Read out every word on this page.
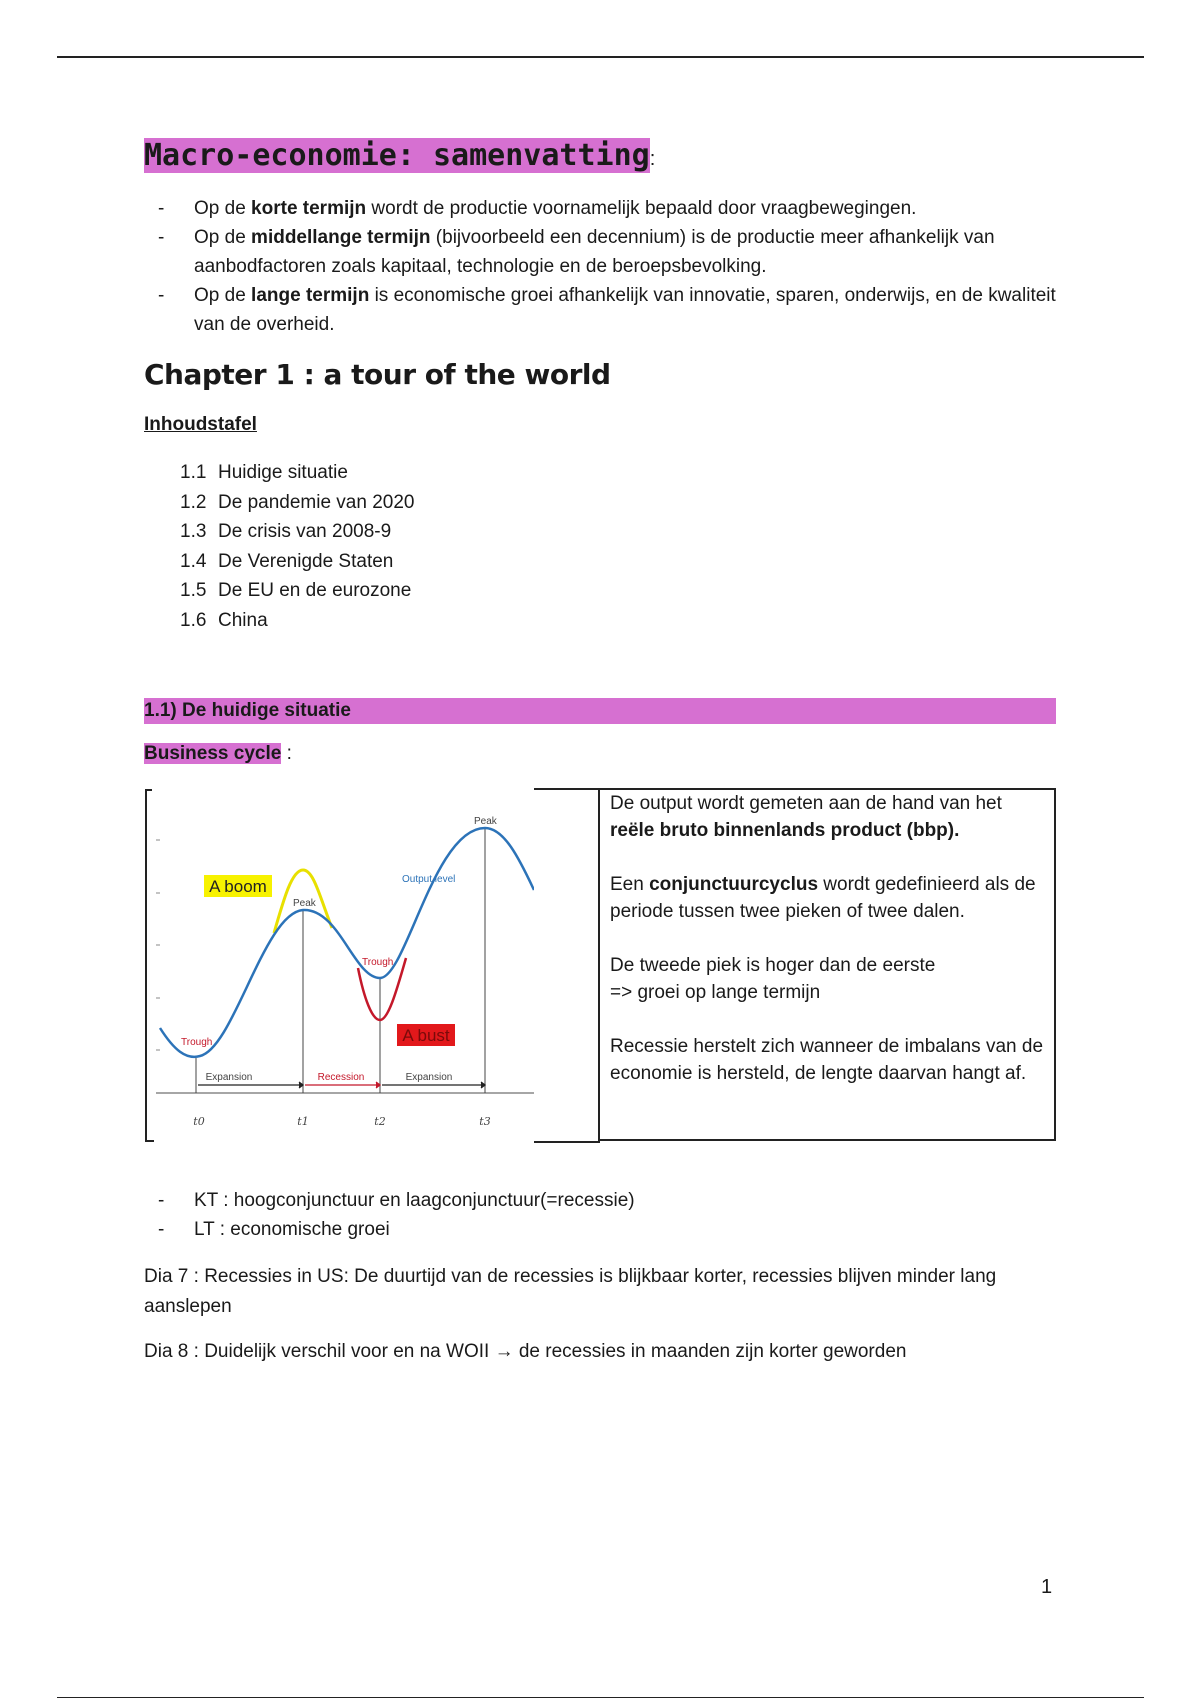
Macro-economie: samenvatting:
- Op de korte termijn wordt de productie voornamelijk bepaald door vraagbewegingen.
- Op de middellange termijn (bijvoorbeeld een decennium) is de productie meer afhankelijk van aanbodfactoren zoals kapitaal, technologie en de beroepsbevolking.
- Op de lange termijn is economische groei afhankelijk van innovatie, sparen, onderwijs, en de kwaliteit van de overheid.
Chapter 1 : a tour of the world
Inhoudstafel
1.1 Huidige situatie
1.2 De pandemie van 2020
1.3 De crisis van 2008-9
1.4 De Verenigde Staten
1.5 De EU en de eurozone
1.6 China
1.1) De huidige situatie
Business cycle :
Expansion	Recession	Expansion
Trough
Trough
Peak
Peak
Output level
A boom
A bust
t0	t1	t2	t3

De output wordt gemeten aan de hand van het reële bruto binnenlands product (bbp).

Een conjunctuurcyclus wordt gedefinieerd als de periode tussen twee pieken of twee dalen.

De tweede piek is hoger dan de eerste
=> groei op lange termijn

Recessie herstelt zich wanneer de imbalans van de economie is hersteld, de lengte daarvan hangt af.

- KT : hoogconjunctuur en laagconjunctuur(=recessie)
- LT : economische groei
Dia 7 : Recessies in US: De duurtijd van de recessies is blijkbaar korter, recessies blijven minder lang aanslepen
Dia 8 : Duidelijk verschil voor en na WOII → de recessies in maanden zijn korter geworden
1
